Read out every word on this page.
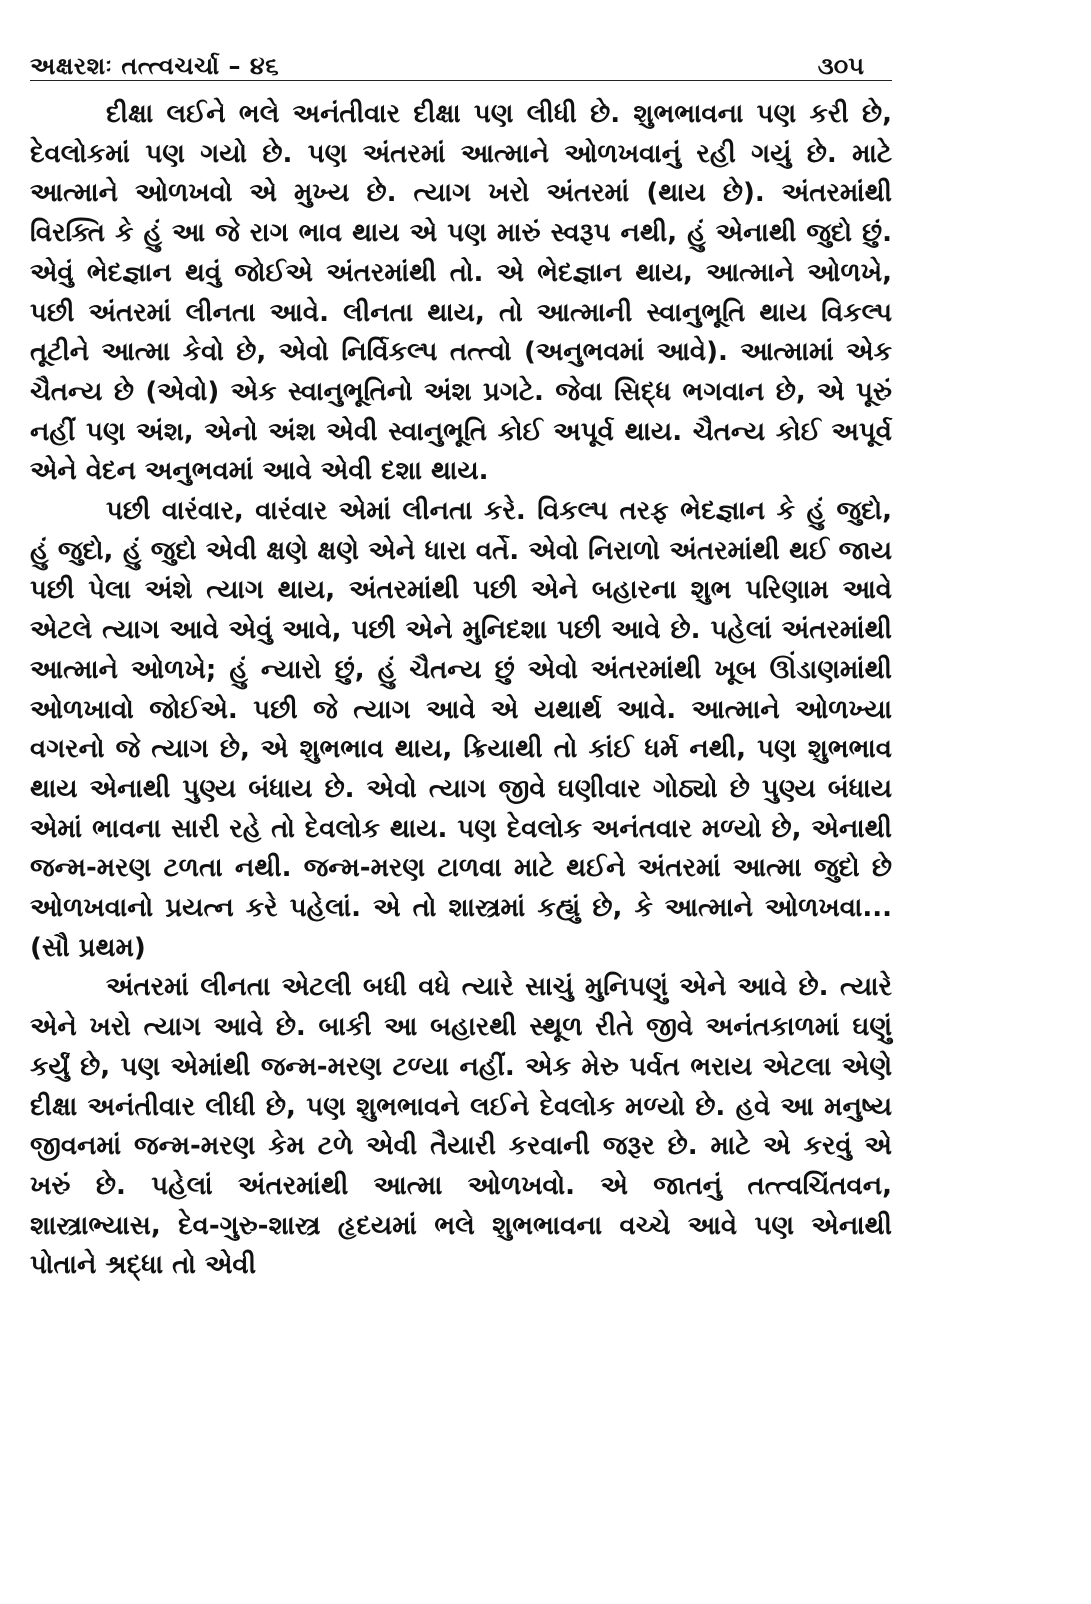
અક્ષરશઃ તત્ત્વચર્ચા – ૪૬	૩૦૫

દીક્ષા લઈને ભલે અનંતીવાર દીક્ષા પણ લીધી છે. શુભભાવના પણ કરી છે, દેવલોકમાં પણ ગયો છે. પણ અંતરમાં આત્માને ઓળખવાનું રહી ગયું છે. માટે આત્માને ઓળખવો એ મુખ્ય છે. ત્યાગ ખરો અંતરમાં (થાય છે). અંતરમાંથી વિરક્તિ કે હું આ જે રાગ ભાવ થાય એ પણ મારું સ્વરૂપ નથી, હું એનાથી જુદો છું. એવું ભેદજ્ઞાન થવું જોઈએ અંતરમાંથી તો. એ ભેદજ્ઞાન થાય, આત્માને ઓળખે, પછી અંતરમાં લીનતા આવે. લીનતા થાય, તો આત્માની સ્વાનુભૂતિ થાય વિકલ્પ તૂટીને આત્મા કેવો છે, એવો નિર્વિકલ્પ તત્ત્વો (અનુભવમાં આવે). આત્મામાં એક ચૈતન્ય છે (એવો) એક સ્વાનુભૂતિનો અંશ પ્રગટે. જેવા સિદ્ધ ભગવાન છે, એ પૂરું નહીં પણ અંશ, એનો અંશ એવી સ્વાનુભૂતિ કોઈ અપૂર્વ થાય. ચૈતન્ય કોઈ અપૂર્વ એને વેદન અનુભવમાં આવે એવી દશા થાય.

પછી વારંવાર, વારંવાર એમાં લીનતા કરે. વિકલ્પ તરફ ભેદજ્ઞાન કે હું જુદો, હું જુદો, હું જુદો એવી ક્ષણે ક્ષણે એને ધારા વર્તે. એવો નિરાળો અંતરમાંથી થઈ જાય પછી પેલા અંશે ત્યાગ થાય, અંતરમાંથી પછી એને બહારના શુભ પરિણામ આવે એટલે ત્યાગ આવે એવું આવે, પછી એને મુનિદશા પછી આવે છે. પહેલાં અંતરમાંથી આત્માને ઓળખે; હું ન્યારો છું, હું ચૈતન્ય છું એવો અંતરમાંથી ખૂબ ઊંડાણમાંથી ઓળખાવો જોઈએ. પછી જે ત્યાગ આવે એ યથાર્થ આવે. આત્માને ઓળખ્યા વગરનો જે ત્યાગ છે, એ શુભભાવ થાય, ક્રિયાથી તો કાંઈ ધર્મ નથી, પણ શુભભાવ થાય એનાથી પુણ્ય બંધાય છે. એવો ત્યાગ જીવે ઘણીવાર ગોઠ્યો છે પુણ્ય બંધાય એમાં ભાવના સારી રહે તો દેવલોક થાય. પણ દેવલોક અનંતવાર મળ્યો છે, એનાથી જન્મ-મરણ ટળતા નથી. જન્મ-મરણ ટાળવા માટે થઈને અંતરમાં આત્મા જુદો છે ઓળખવાનો પ્રયત્ન કરે પહેલાં. એ તો શાસ્ત્રમાં કહ્યું છે, કે આત્માને ઓળખવા... (સૌ પ્રથમ)

અંતરમાં લીનતા એટલી બધી વધે ત્યારે સાચું મુનિપણું એને આવે છે. ત્યારે એને ખરો ત્યાગ આવે છે. બાકી આ બહારથી સ્થૂળ રીતે જીવે અનંતકાળમાં ઘણું કર્યું છે, પણ એમાંથી જન્મ-મરણ ટળ્યા નહીં. એક મેરુ પર્વત ભરાય એટલા એણે દીક્ષા અનંતીવાર લીધી છે, પણ શુભભાવને લઈને દેવલોક મળ્યો છે. હવે આ મનુષ્ય જીવનમાં જન્મ-મરણ કેમ ટળે એવી તૈયારી કરવાની જરૂર છે. માટે એ કરવું એ ખરું છે. પહેલાં અંતરમાંથી આત્મા ઓળખવો. એ જાતનું તત્ત્વચિંતવન, શાસ્ત્રાભ્યાસ, દેવ-ગુરુ-શાસ્ત્ર હૃદયમાં ભલે શુભભાવના વચ્ચે આવે પણ એનાથી પોતાને શ્રદ્ધા તો એવી
